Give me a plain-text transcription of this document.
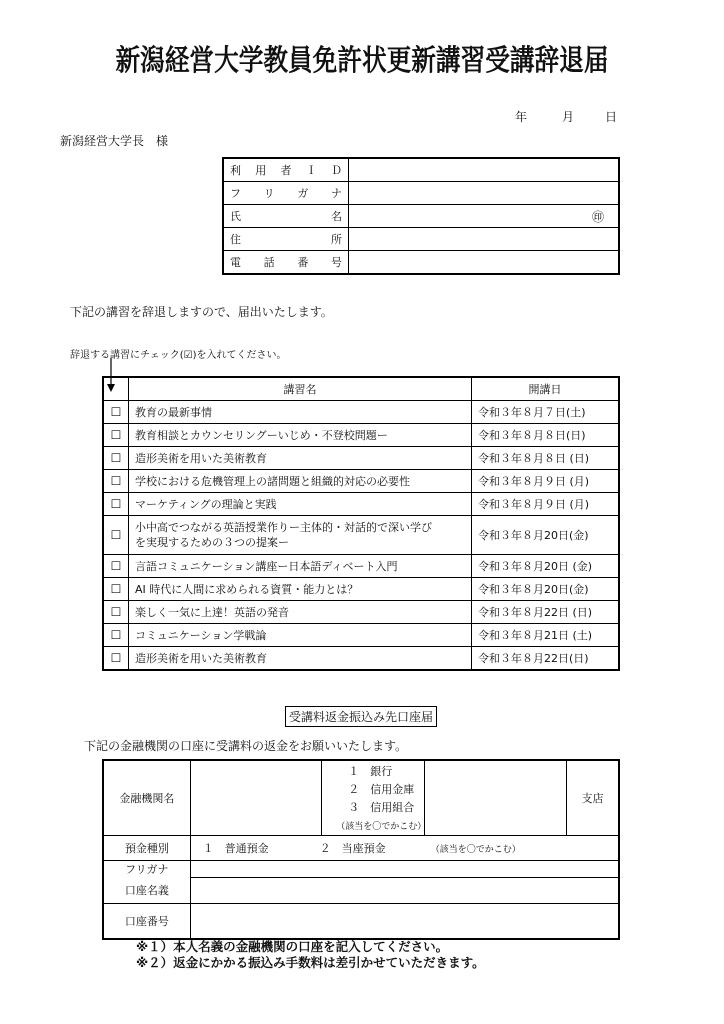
新潟経営大学教員免許状更新講習受講辞退届
年	月	日
新潟経営大学長　様
利 用 者 Ｉ Ｄ	

フ リ ガ ナ	

氏 名	㊞

住 所	

電 話 番 号	

下記の講習を辞退しますので、届出いたします。
辞退する講習にチェック(☑)を入れてください。
	講習名	開講日
☐	教育の最新事情	令和３年８月７日(土)
☐	教育相談とカウンセリングーいじめ・不登校問題ー	令和３年８月８日(日)
☐	造形美術を用いた美術教育	令和３年８月８日 (日)
☐	学校における危機管理上の諸問題と組織的対応の必要性	令和３年８月９日 (月)
☐	マーケティングの理論と実践	令和３年８月９日 (月)
☐	小中高でつながる英語授業作りー主体的・対話的で深い学び
を実現するための３つの提案ー	令和３年８月20日(金)
☐	言語コミュニケーション講座ー日本語ディベート入門	令和３年８月20日 (金)
☐	AI 時代に人間に求められる資質・能力とは？	令和３年８月20日(金)
☐	楽しく一気に上達！英語の発音	令和３年８月22日 (日)
☐	コミュニケーション学戦論	令和３年８月21日 (土)
☐	造形美術を用いた美術教育	令和３年８月22日(日)
受講料返金振込み先口座届
下記の金融機関の口座に受講料の返金をお願いいたします。
金融機関名		１　銀行
２　信用金庫
３　信用組合
（該当を〇でかこむ）		支店
預金種別	１　普通預金 ２　当座預金 （該当を〇でかこむ）			
フリガナ				
口座名義				
口座番号				
※１）本人名義の金融機関の口座を記入してください。
※２）返金にかかる振込み手数料は差引かせていただきます。
